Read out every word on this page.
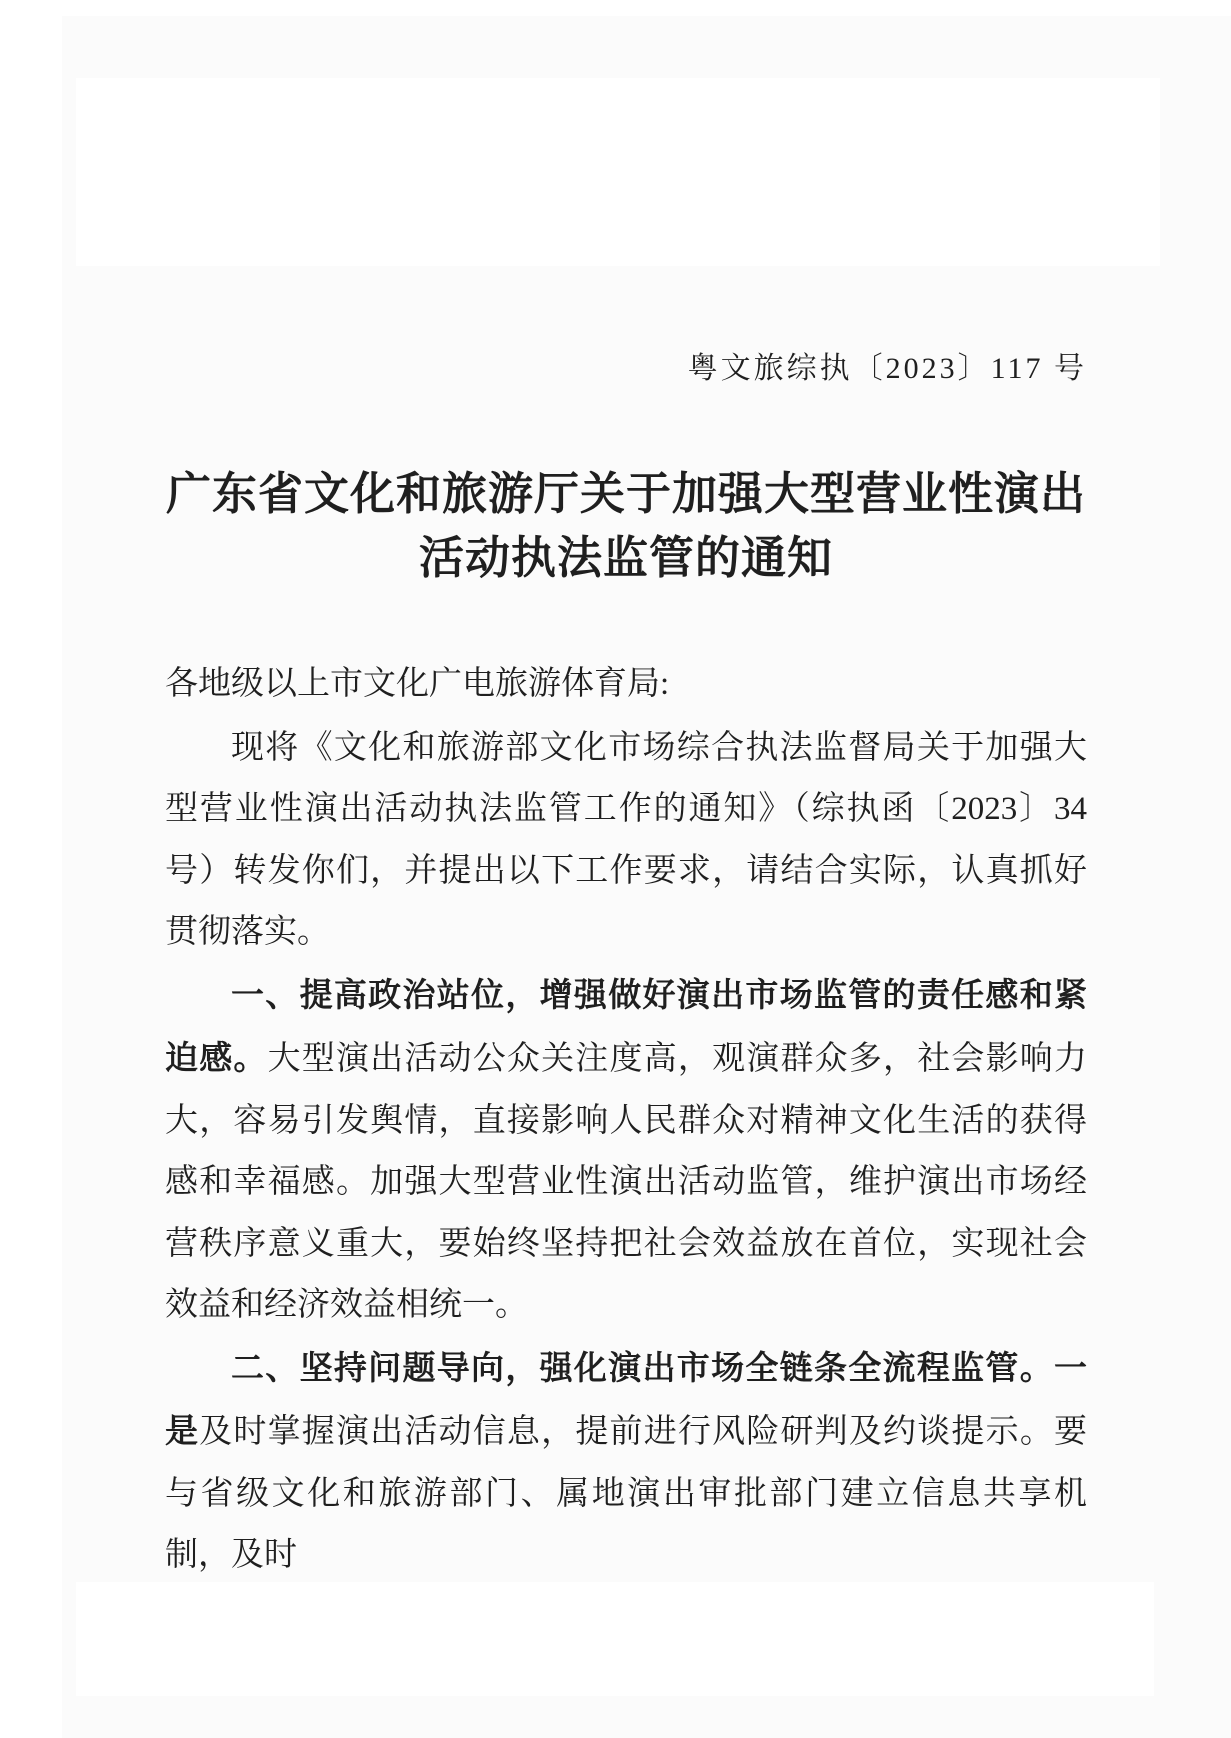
粤文旅综执〔2023〕117 号
广东省文化和旅游厅关于加强大型营业性演出
活动执法监管的通知

各地级以上市文化广电旅游体育局:

现将《文化和旅游部文化市场综合执法监督局关于加强大型营业性演出活动执法监管工作的通知》（综执函〔2023〕34 号）转发你们，并提出以下工作要求，请结合实际，认真抓好贯彻落实。

一、提高政治站位，增强做好演出市场监管的责任感和紧迫感。大型演出活动公众关注度高，观演群众多，社会影响力大，容易引发舆情，直接影响人民群众对精神文化生活的获得感和幸福感。加强大型营业性演出活动监管，维护演出市场经营秩序意义重大，要始终坚持把社会效益放在首位，实现社会效益和经济效益相统一。

二、坚持问题导向，强化演出市场全链条全流程监管。一是及时掌握演出活动信息，提前进行风险研判及约谈提示。要与省级文化和旅游部门、属地演出审批部门建立信息共享机制，及时
